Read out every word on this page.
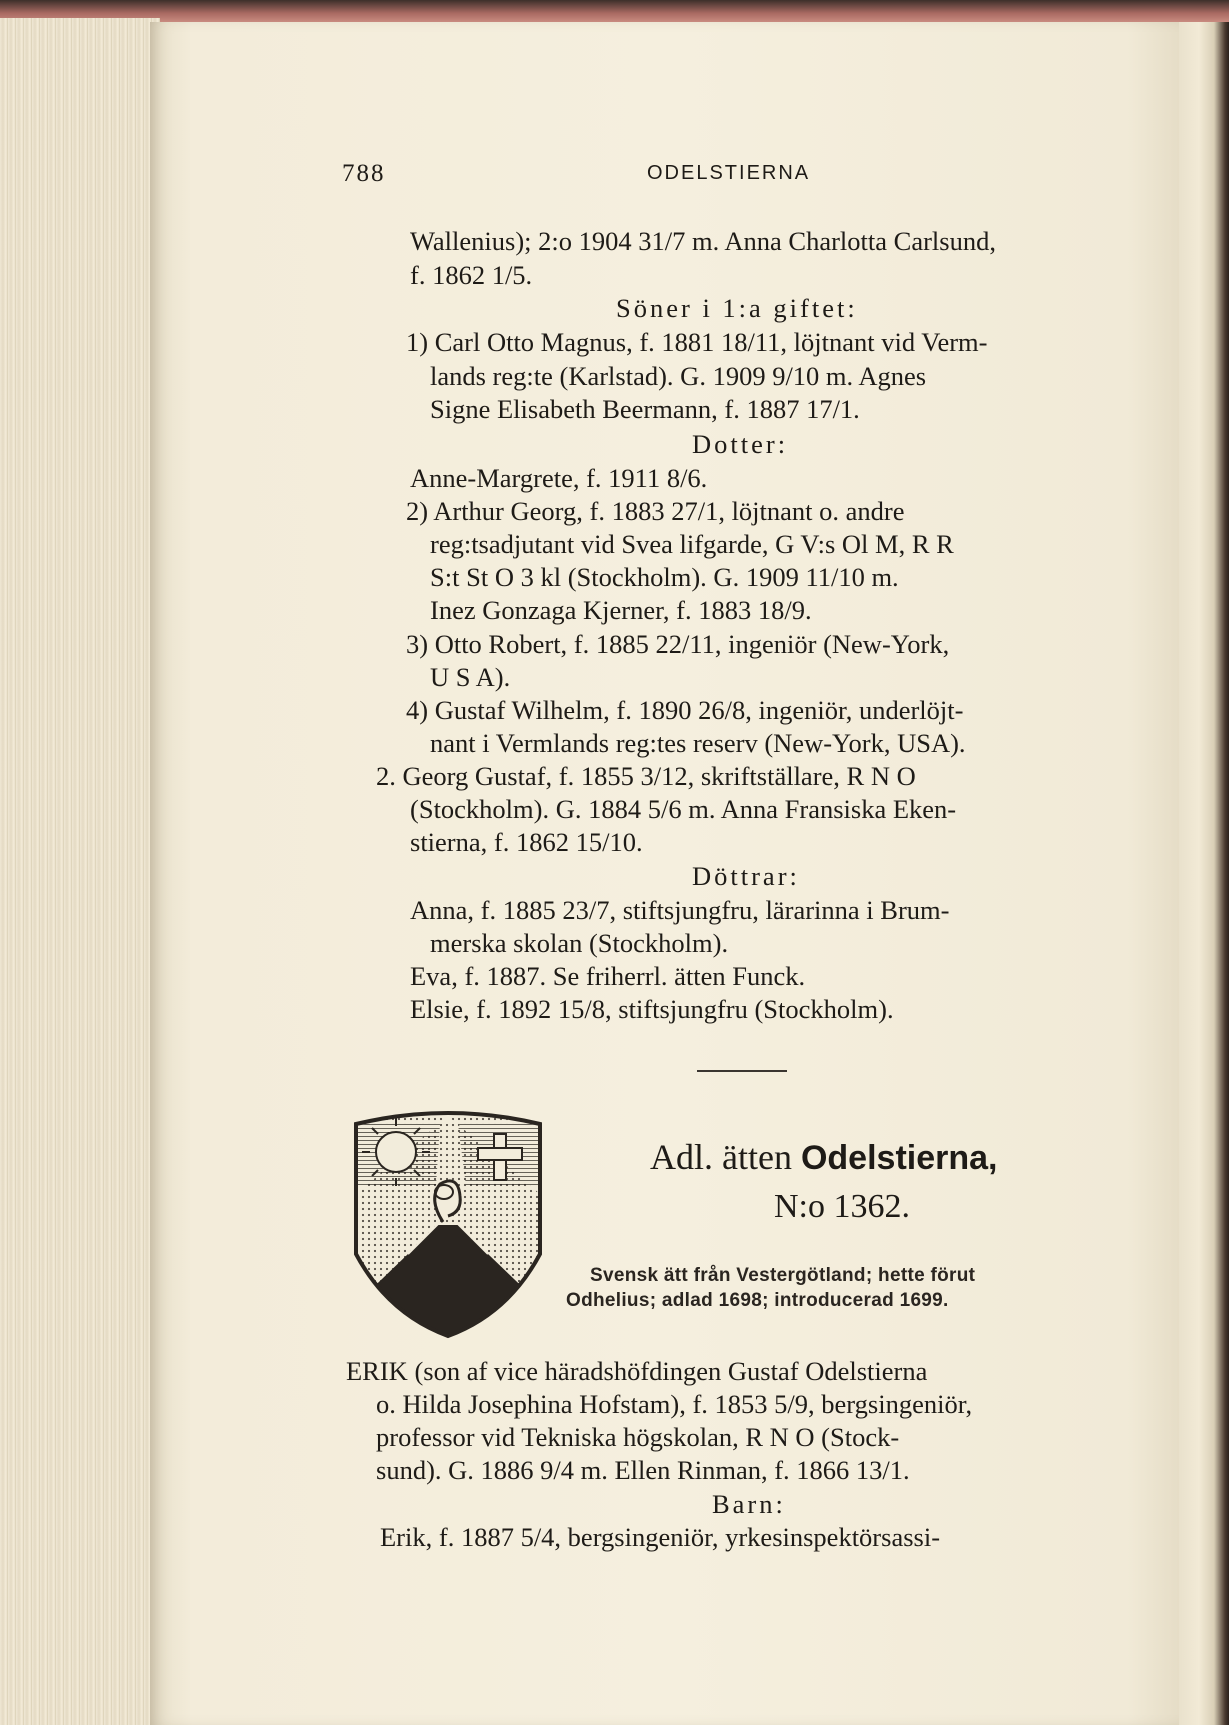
788	ODELSTIERNA
Wallenius); 2:o 1904 31/7 m. Anna Charlotta Carlsund,
f. 1862 1/5.
Söner i 1:a giftet:
1) Carl Otto Magnus, f. 1881 18/11, löjtnant vid Verm-
lands reg:te (Karlstad). G. 1909 9/10 m. Agnes
Signe Elisabeth Beermann, f. 1887 17/1.
Dotter:
Anne-Margrete, f. 1911 8/6.
2) Arthur Georg, f. 1883 27/1, löjtnant o. andre
reg:tsadjutant vid Svea lifgarde, G V:s Ol M, R R
S:t St O 3 kl (Stockholm). G. 1909 11/10 m.
Inez Gonzaga Kjerner, f. 1883 18/9.
3) Otto Robert, f. 1885 22/11, ingeniör (New-York,
U S A).
4) Gustaf Wilhelm, f. 1890 26/8, ingeniör, underlöjt-
nant i Vermlands reg:tes reserv (New-York, USA).
2. Georg Gustaf, f. 1855 3/12, skriftställare, R N O
(Stockholm). G. 1884 5/6 m. Anna Fransiska Eken-
stierna, f. 1862 15/10.
Döttrar:
Anna, f. 1885 23/7, stiftsjungfru, lärarinna i Brum-
merska skolan (Stockholm).
Eva, f. 1887. Se friherrl. ätten Funck.
Elsie, f. 1892 15/8, stiftsjungfru (Stockholm).
Adl. ätten Odelstierna,
N:o 1362.
Svensk ätt från Vestergötland; hette förut
Odhelius; adlad 1698; introducerad 1699.
ERIK (son af vice häradshöfdingen Gustaf Odelstierna
o. Hilda Josephina Hofstam), f. 1853 5/9, bergsingeniör,
professor vid Tekniska högskolan, R N O (Stock-
sund). G. 1886 9/4 m. Ellen Rinman, f. 1866 13/1.
Barn:
Erik, f. 1887 5/4, bergsingeniör, yrkesinspektörsassi-
